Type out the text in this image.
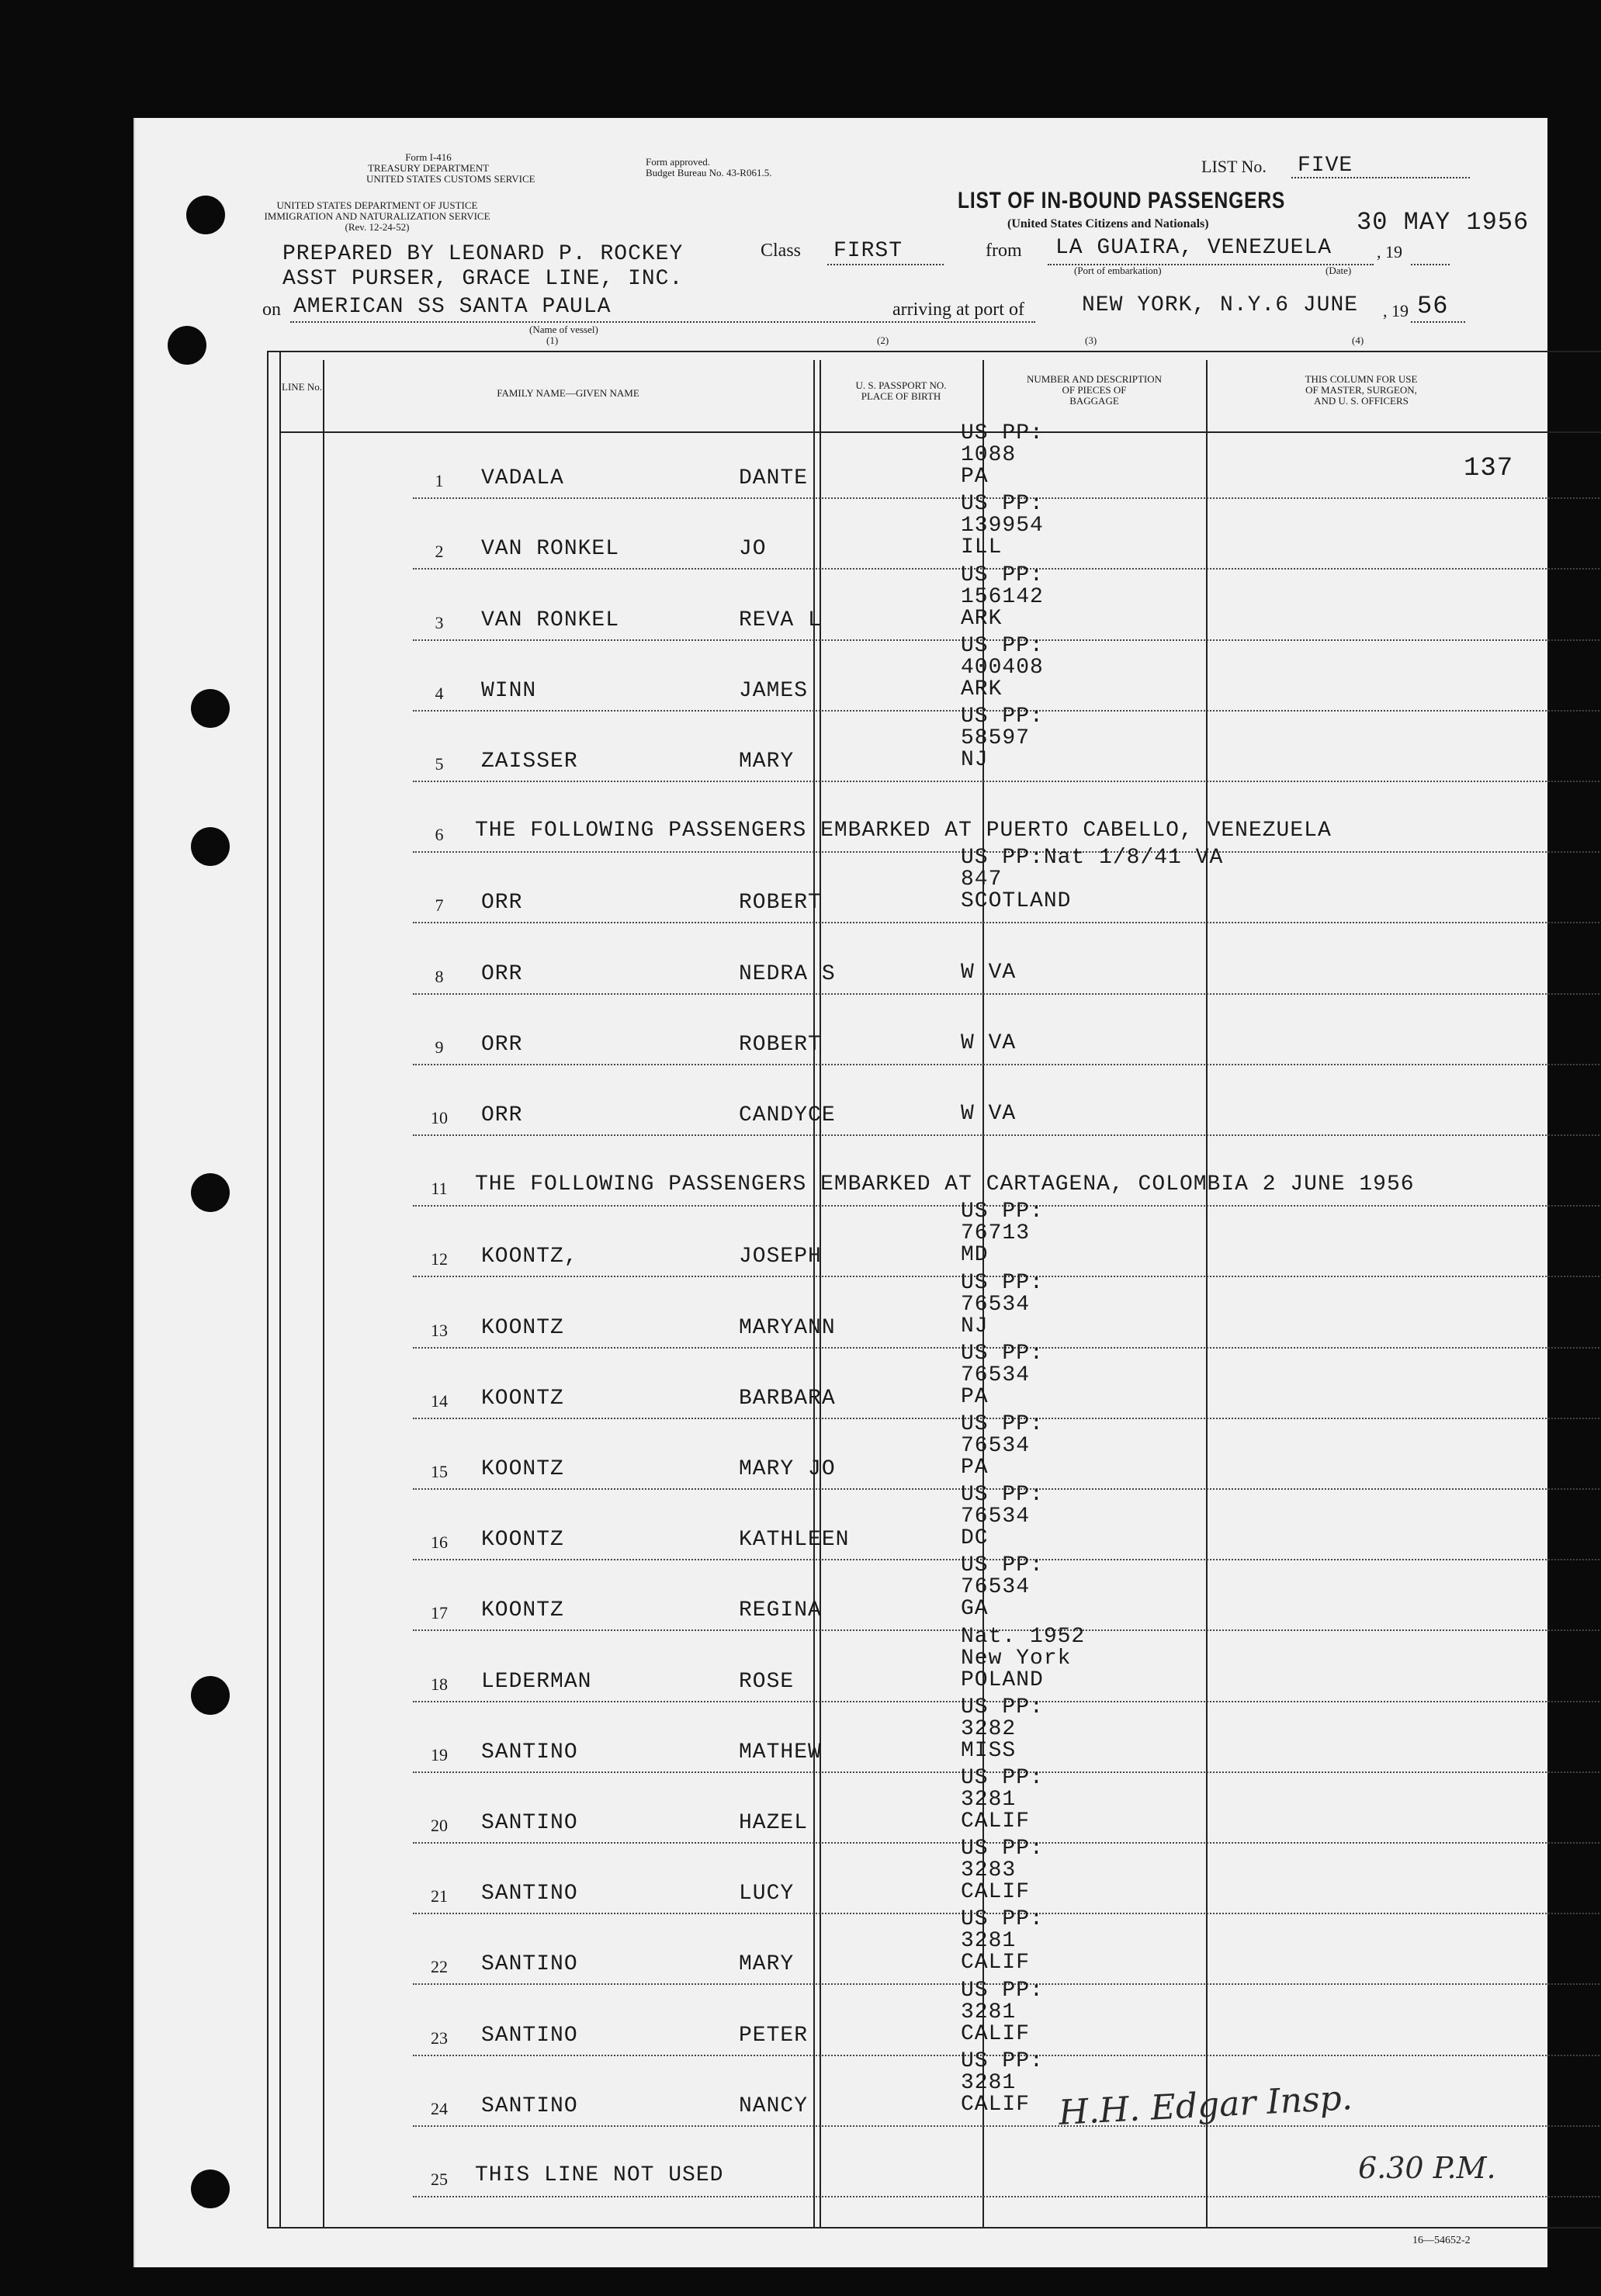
Form I-416
TREASURY DEPARTMENT
UNITED STATES CUSTOMS SERVICE
Form approved.
Budget Bureau No. 43-R061.5.
UNITED STATES DEPARTMENT OF JUSTICE
IMMIGRATION AND NATURALIZATION SERVICE
(Rev. 12-24-52)
LIST No. FIVE
LIST OF IN-BOUND PASSENGERS
(United States Citizens and Nationals)	30 MAY 1956
PREPARED BY LEONARD P. ROCKEY
ASST PURSER, GRACE LINE, INC.
Class FIRST	from LA GUAIRA, VENEZUELA	, 19
(Port of embarkation)	(Date)
on AMERICAN SS SANTA PAULA
(Name of vessel)
(1)	(2)	(3)	(4)
arriving at port of	NEW YORK, N.Y.6 JUNE , 19 56
LINE No.
FAMILY NAME—GIVEN NAME
U. S. PASSPORT NO.
PLACE OF BIRTH
NUMBER AND DESCRIPTION
OF PIECES OF
BAGGAGE
THIS COLUMN FOR USE
OF MASTER, SURGEON,
AND U. S. OFFICERS
1	VADALA	DANTE
US PP:
1088
PA	137
2	VAN RONKEL	JO
US PP:
139954
ILL
3	VAN RONKEL	REVA L
US PP:
156142
ARK
4	WINN	JAMES
US PP:
400408
ARK
5	ZAISSER	MARY
US PP:
58597
NJ
6	THE FOLLOWING PASSENGERS EMBARKED AT PUERTO CABELLO, VENEZUELA
7	ORR	ROBERT
US PP:Nat 1/8/41 VA
847
SCOTLAND
8	ORR	NEDRA S	W VA
9	ORR	ROBERT	W VA
10	ORR	CANDYCE	W VA
11	THE FOLLOWING PASSENGERS EMBARKED AT CARTAGENA, COLOMBIA 2 JUNE 1956
12	KOONTZ,	JOSEPH
US PP:
76713
MD
13	KOONTZ	MARYANN
US PP:
76534
NJ
14	KOONTZ	BARBARA
US PP:
76534
PA
15	KOONTZ	MARY JO
US PP:
76534
PA
16	KOONTZ	KATHLEEN
US PP:
76534
DC
17	KOONTZ	REGINA
US PP:
76534
GA
18	LEDERMAN	ROSE
Nat. 1952
New York
POLAND
19	SANTINO	MATHEW
US PP:
3282
MISS
20	SANTINO	HAZEL
US PP:
3281
CALIF
21	SANTINO	LUCY
US PP:
3283
CALIF
22	SANTINO	MARY
US PP:
3281
CALIF
23	SANTINO	PETER
US PP:
3281
CALIF
24	SANTINO	NANCY
US PP:
3281
CALIF
25	THIS LINE NOT USED
H.H. Edgar Insp.
6.30 P.M.
16—54652-2
